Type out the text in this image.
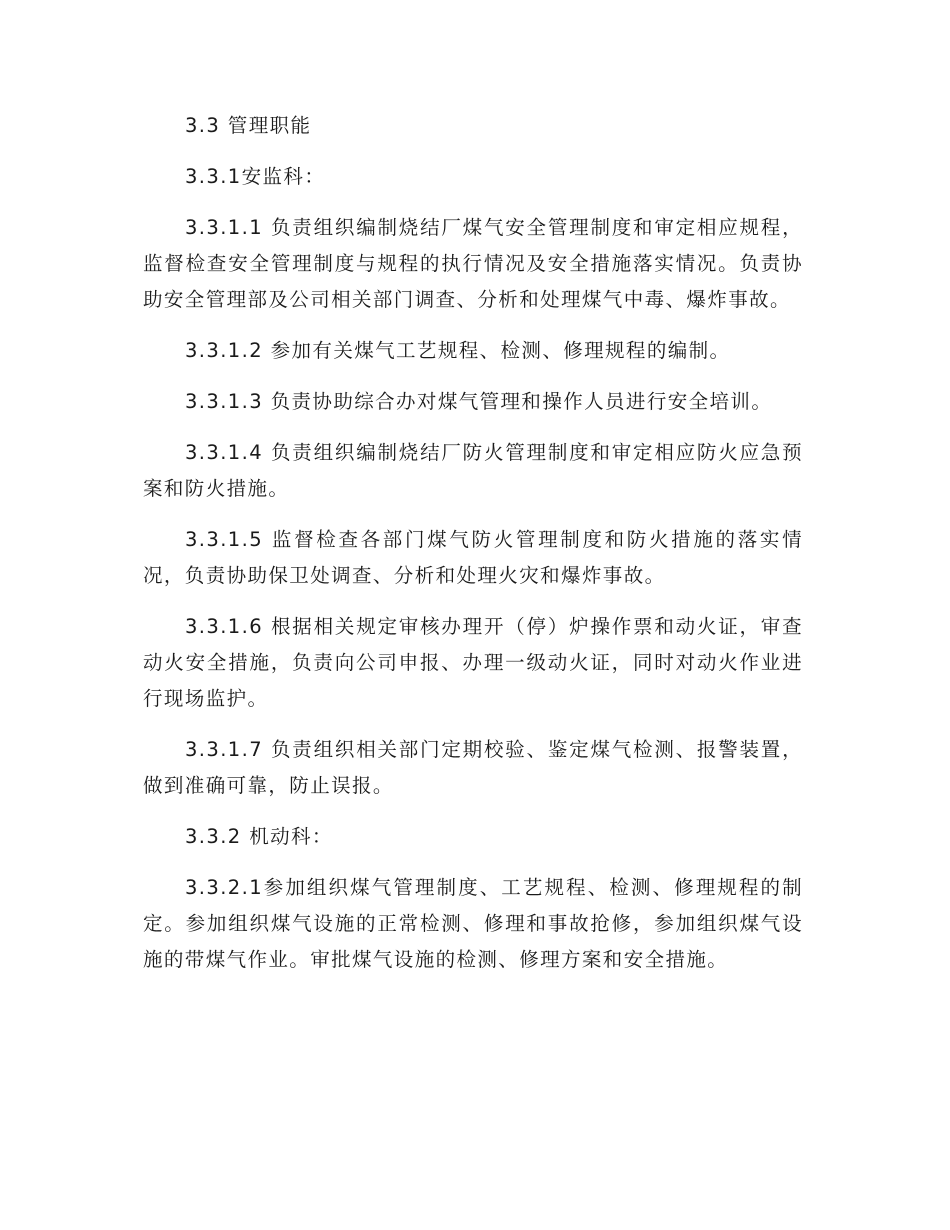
3.3 管理职能

3.3.1安监科：

3.3.1.1 负责组织编制烧结厂煤气安全管理制度和审定相应规程，监督检查安全管理制度与规程的执行情况及安全措施落实情况。负责协助安全管理部及公司相关部门调查、分析和处理煤气中毒、爆炸事故。

3.3.1.2 参加有关煤气工艺规程、检测、修理规程的编制。

3.3.1.3 负责协助综合办对煤气管理和操作人员进行安全培训。

3.3.1.4 负责组织编制烧结厂防火管理制度和审定相应防火应急预案和防火措施。

3.3.1.5 监督检查各部门煤气防火管理制度和防火措施的落实情况，负责协助保卫处调查、分析和处理火灾和爆炸事故。

3.3.1.6 根据相关规定审核办理开（停）炉操作票和动火证，审查动火安全措施，负责向公司申报、办理一级动火证，同时对动火作业进行现场监护。

3.3.1.7 负责组织相关部门定期校验、鉴定煤气检测、报警装置，做到准确可靠，防止误报。

3.3.2 机动科：

3.3.2.1参加组织煤气管理制度、工艺规程、检测、修理规程的制定。参加组织煤气设施的正常检测、修理和事故抢修，参加组织煤气设施的带煤气作业。审批煤气设施的检测、修理方案和安全措施。
